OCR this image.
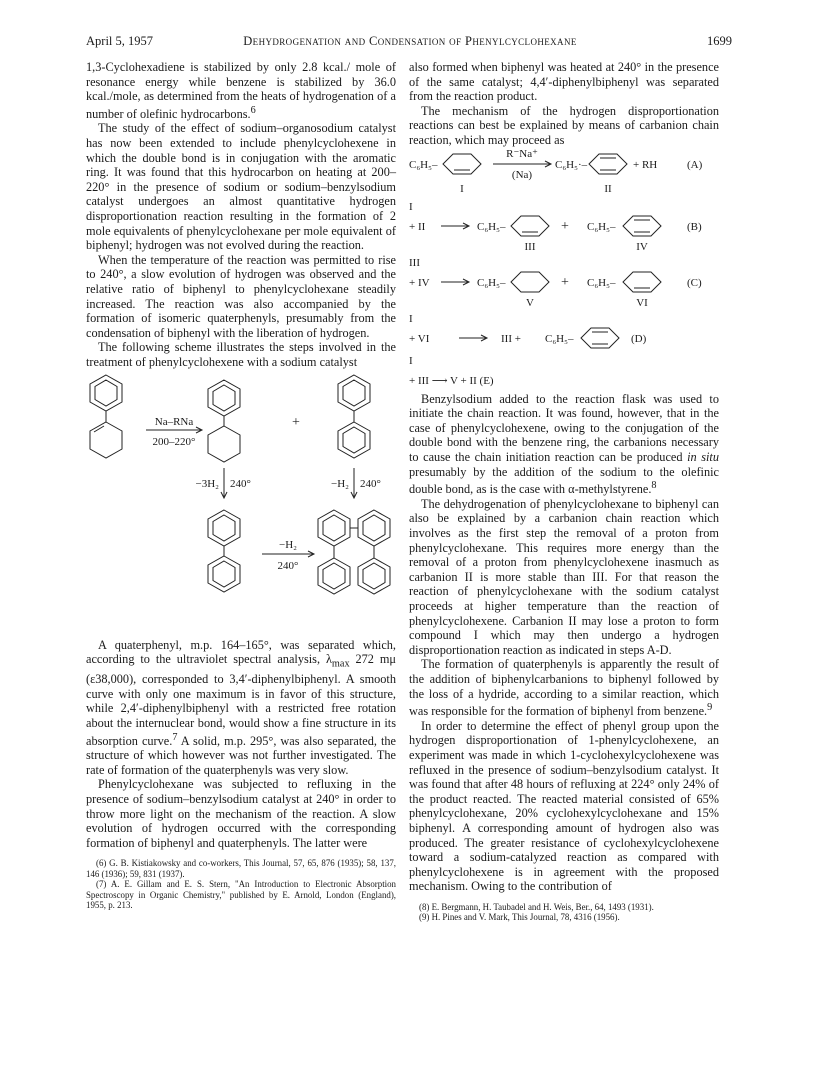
April 5, 1957	Dehydrogenation and Condensation of Phenylcyclohexane	1699

1,3-Cyclohexadiene is stabilized by only 2.8 kcal./ mole of resonance energy while benzene is stabilized by 36.0 kcal./mole, as determined from the heats of hydrogenation of a number of olefinic hydrocarbons.$^6$

The study of the effect of sodium–organosodium catalyst has now been extended to include phenylcyclohexene in which the double bond is in conjugation with the aromatic ring. It was found that this hydrocarbon on heating at 200–220° in the presence of sodium or sodium–benzylsodium catalyst undergoes an almost quantitative hydrogen disproportionation reaction resulting in the formation of 2 mole equivalents of phenylcyclohexane per mole equivalent of biphenyl; hydrogen was not evolved during the reaction.

When the temperature of the reaction was permitted to rise to 240°, a slow evolution of hydrogen was observed and the relative ratio of biphenyl to phenylcyclohexane steadily increased. The reaction was also accompanied by the formation of isomeric quaterphenyls, presumably from the condensation of biphenyl with the liberation of hydrogen.

The following scheme illustrates the steps involved in the treatment of phenylcyclohexene with a sodium catalyst

Na–RNa
200–220°
+
−3H₂ 240°	−H₂ 240°
−H₂
240°

A quaterphenyl, m.p. 164–165°, was separated which, according to the ultraviolet spectral analysis, $\lambda_{max}$ 272 mμ (ε38,000), corresponded to 3,4′-diphenylbiphenyl. A smooth curve with only one maximum is in favor of this structure, while 2,4′-diphenylbiphenyl with a restricted free rotation about the internuclear bond, would show a fine structure in its absorption curve.$^7$ A solid, m.p. 295°, was also separated, the structure of which however was not further investigated. The rate of formation of the quaterphenyls was very slow.

Phenylcyclohexane was subjected to refluxing in the presence of sodium–benzylsodium catalyst at 240° in order to throw more light on the mechanism of the reaction. A slow evolution of hydrogen occurred with the corresponding formation of biphenyl and quaterphenyls. The latter were

(6) G. B. Kistiakowsky and co-workers, This Journal, 57, 65, 876 (1935); 58, 137, 146 (1936); 59, 831 (1937).

(7) A. E. Gillam and E. S. Stern, "An Introduction to Electronic Absorption Spectroscopy in Organic Chemistry," published by E. Arnold, London (England), 1955, p. 213.

also formed when biphenyl was heated at 240° in the presence of the same catalyst; 4,4′-diphenylbiphenyl was separated from the reaction product.

The mechanism of the hydrogen disproportionation reactions can best be explained by means of carbanion chain reaction, which may proceed as

C₆H₅–
R⁻Na⁺
(Na)
C₆H₅·–	+ RH	(A)
I	II
I
+ II	C₆H₅–	+ C₆H₅–	(B)
III	IV
III
+ IV	C₆H₅–	+ C₆H₅–	(C)
V	VI
I
+ VI	III + C₆H₅–	(D)
I
+ III ⟶ V + II (E)

Benzylsodium added to the reaction flask was used to initiate the chain reaction. It was found, however, that in the case of phenylcyclohexene, owing to the conjugation of the double bond with the benzene ring, the carbanions necessary to cause the chain initiation reaction can be produced in situ presumably by the addition of the sodium to the olefinic double bond, as is the case with α-methylstyrene.$^8$

The dehydrogenation of phenylcyclohexane to biphenyl can also be explained by a carbanion chain reaction which involves as the first step the removal of a proton from phenylcyclohexane. This requires more energy than the removal of a proton from phenylcyclohexene inasmuch as carbanion II is more stable than III. For that reason the reaction of phenylcyclohexane with the sodium catalyst proceeds at higher temperature than the reaction of phenylcyclohexene. Carbanion II may lose a proton to form compound I which may then undergo a hydrogen disproportionation reaction as indicated in steps A-D.

The formation of quaterphenyls is apparently the result of the addition of biphenylcarbanions to biphenyl followed by the loss of a hydride, according to a similar reaction, which was responsible for the formation of biphenyl from benzene.$^9$

In order to determine the effect of phenyl group upon the hydrogen disproportionation of 1-phenylcyclohexene, an experiment was made in which 1-cyclohexylcyclohexene was refluxed in the presence of sodium–benzylsodium catalyst. It was found that after 48 hours of refluxing at 224° only 24% of the product reacted. The reacted material consisted of 65% phenylcyclohexane, 20% cyclohexylcyclohexane and 15% biphenyl. A corresponding amount of hydrogen also was produced. The greater resistance of cyclohexylcyclohexene toward a sodium-catalyzed reaction as compared with phenylcyclohexene is in agreement with the proposed mechanism. Owing to the contribution of

(8) E. Bergmann, H. Taubadel and H. Weis, Ber., 64, 1493 (1931).

(9) H. Pines and V. Mark, This Journal, 78, 4316 (1956).
